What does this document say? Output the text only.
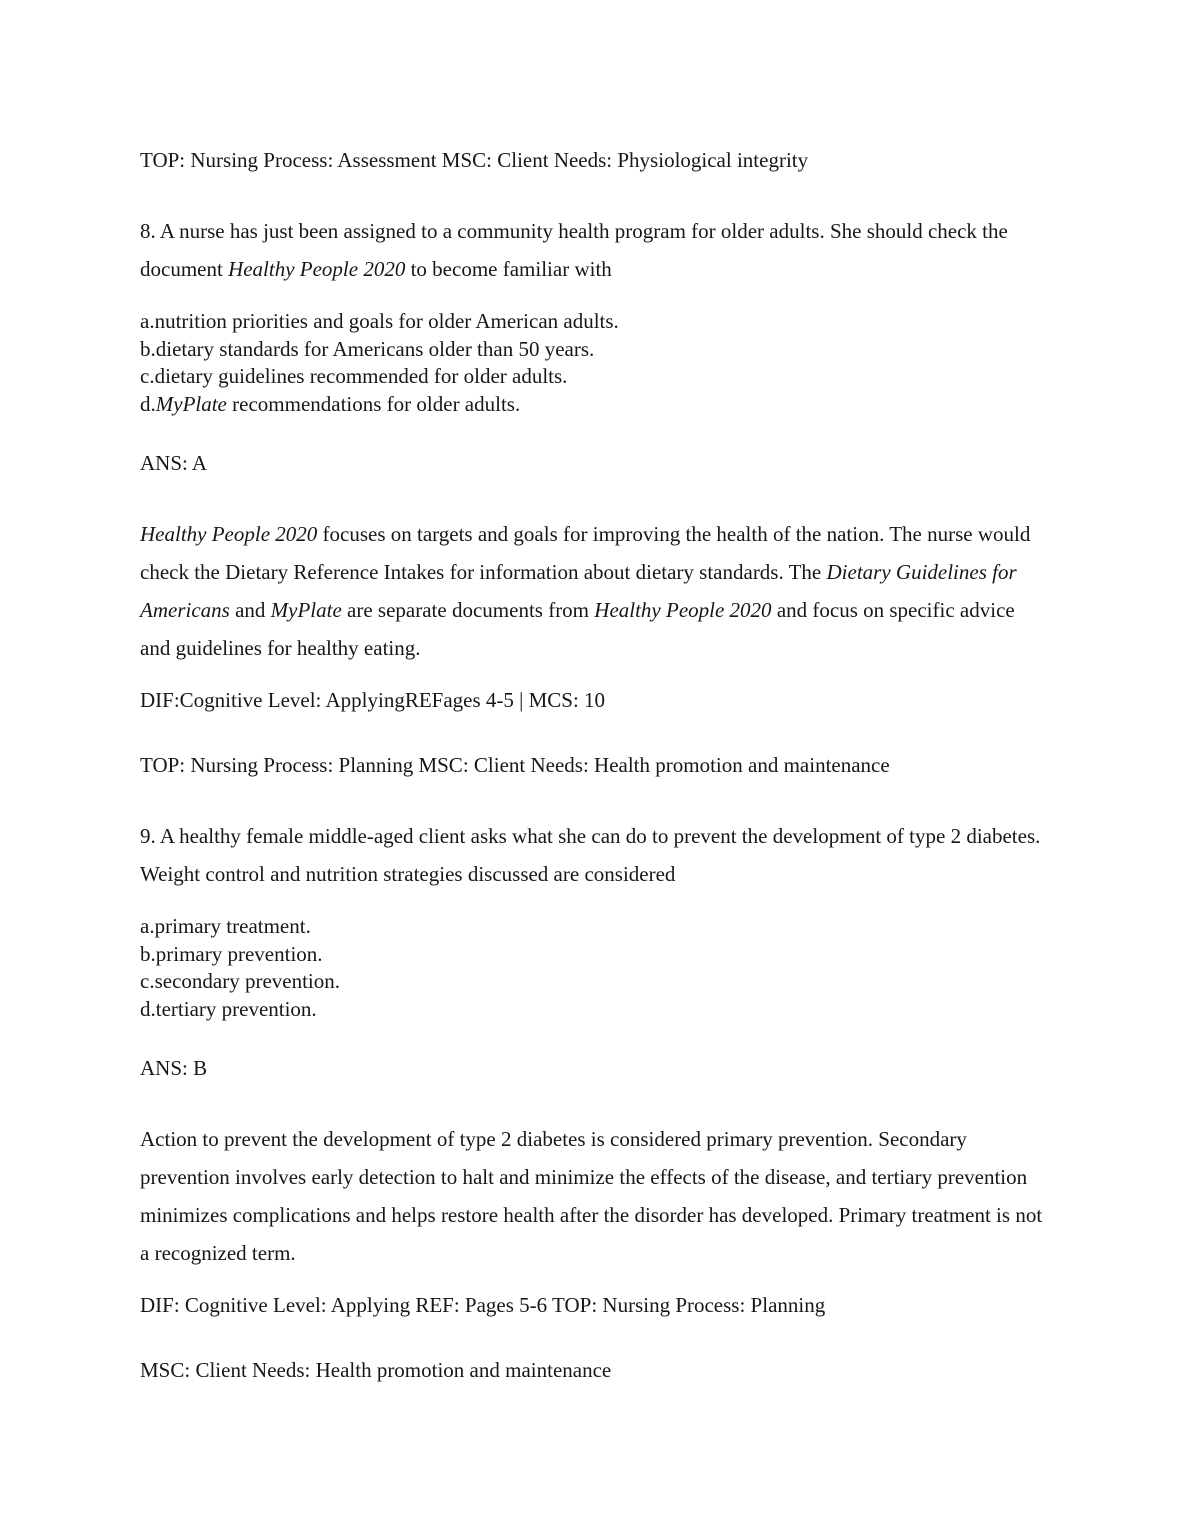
TOP: Nursing Process: Assessment MSC: Client Needs: Physiological integrity
8. A nurse has just been assigned to a community health program for older adults. She should check the document Healthy People 2020 to become familiar with
a.nutrition priorities and goals for older American adults.
b.dietary standards for Americans older than 50 years.
c.dietary guidelines recommended for older adults.
d.MyPlate recommendations for older adults.
ANS: A
Healthy People 2020 focuses on targets and goals for improving the health of the nation. The nurse would check the Dietary Reference Intakes for information about dietary standards. The Dietary Guidelines for Americans and MyPlate are separate documents from Healthy People 2020 and focus on specific advice and guidelines for healthy eating.
DIF:Cognitive Level: ApplyingREFages 4-5 | MCS: 10
TOP: Nursing Process: Planning MSC: Client Needs: Health promotion and maintenance
9. A healthy female middle-aged client asks what she can do to prevent the development of type 2 diabetes. Weight control and nutrition strategies discussed are considered
a.primary treatment.
b.primary prevention.
c.secondary prevention.
d.tertiary prevention.
ANS: B
Action to prevent the development of type 2 diabetes is considered primary prevention. Secondary prevention involves early detection to halt and minimize the effects of the disease, and tertiary prevention minimizes complications and helps restore health after the disorder has developed. Primary treatment is not a recognized term.
DIF: Cognitive Level: Applying REF: Pages 5-6 TOP: Nursing Process: Planning
MSC: Client Needs: Health promotion and maintenance
